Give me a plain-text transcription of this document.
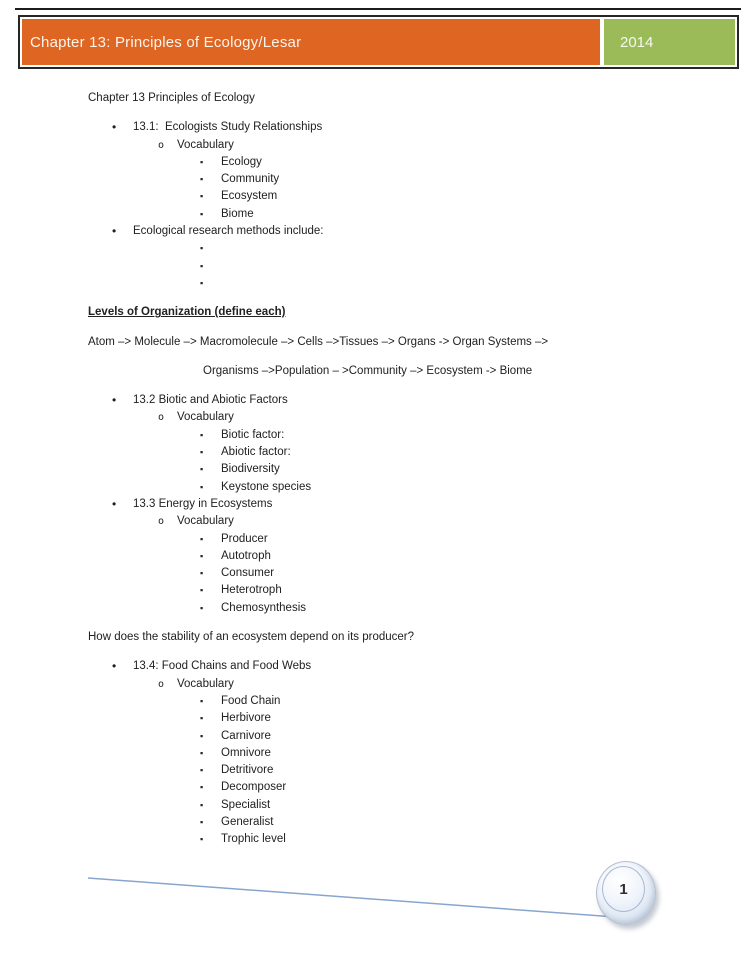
Chapter 13: Principles of Ecology/Lesar	2014
Chapter 13 Principles of Ecology
• 13.1:  Ecologists Study Relationships
o Vocabulary
▪ Ecology
▪ Community
▪ Ecosystem
▪ Biome
• Ecological research methods include:
▪
▪
▪
Levels of Organization (define each)
Atom –> Molecule –> Macromolecule –> Cells –>Tissues –> Organs -> Organ Systems –>
Organisms –>Population – >Community –> Ecosystem -> Biome
• 13.2 Biotic and Abiotic Factors
o Vocabulary
▪ Biotic factor:
▪ Abiotic factor:
▪ Biodiversity
▪ Keystone species
• 13.3 Energy in Ecosystems
o Vocabulary
▪ Producer
▪ Autotroph
▪ Consumer
▪ Heterotroph
▪ Chemosynthesis
How does the stability of an ecosystem depend on its producer?
• 13.4: Food Chains and Food Webs
o Vocabulary
▪ Food Chain
▪ Herbivore
▪ Carnivore
▪ Omnivore
▪ Detritivore
▪ Decomposer
▪ Specialist
▪ Generalist
▪ Trophic level
1
